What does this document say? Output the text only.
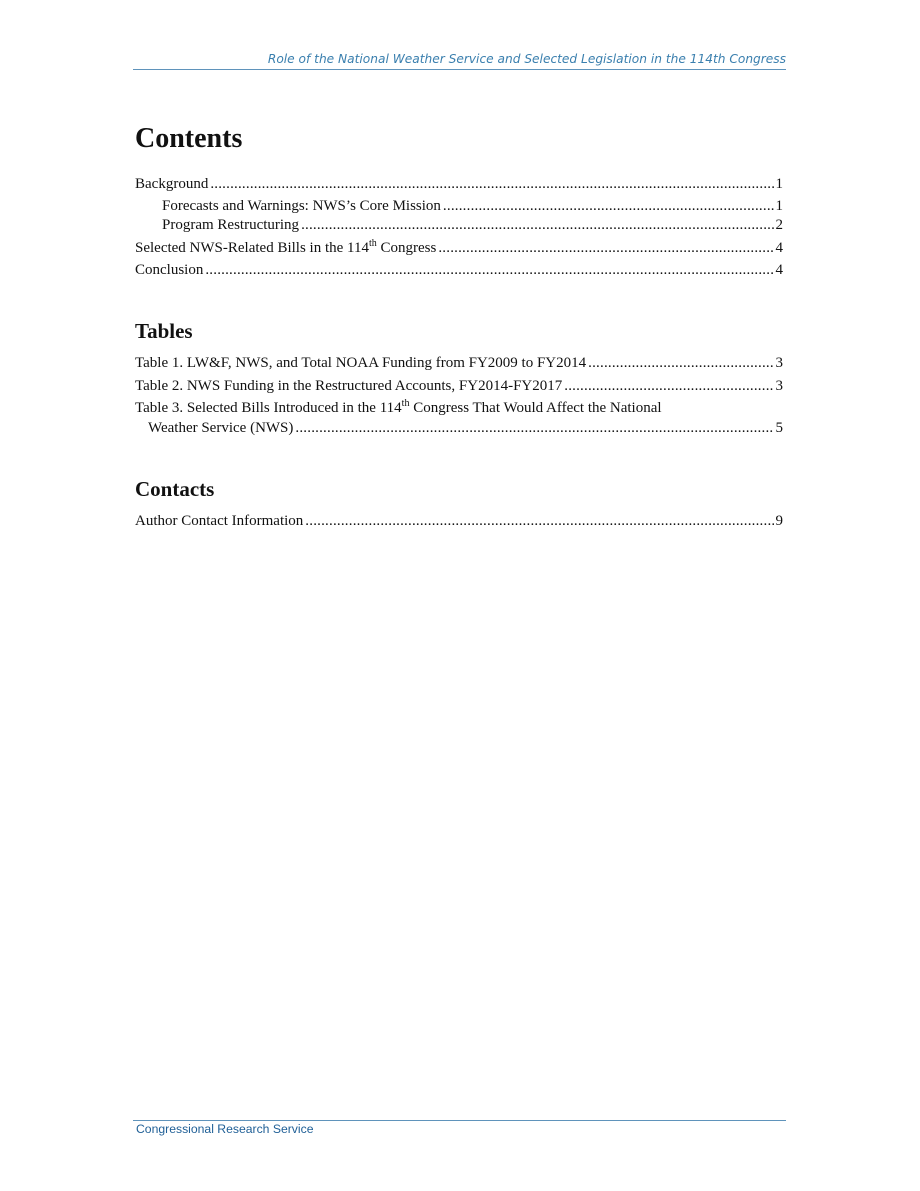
Role of the National Weather Service and Selected Legislation in the 114th Congress
Contents
Background .....	1
Forecasts and Warnings: NWS’s Core Mission .....	1
Program Restructuring .....	2
Selected NWS-Related Bills in the 114th Congress .....	4
Conclusion .....	4
Tables
Table 1. LW&F, NWS, and Total NOAA Funding from FY2009 to FY2014 .....	3
Table 2. NWS Funding in the Restructured Accounts, FY2014-FY2017 .....	3
Table 3. Selected Bills Introduced in the 114th Congress That Would Affect the National
Weather Service (NWS) .....	5
Contacts
Author Contact Information .....	9
Congressional Research Service
